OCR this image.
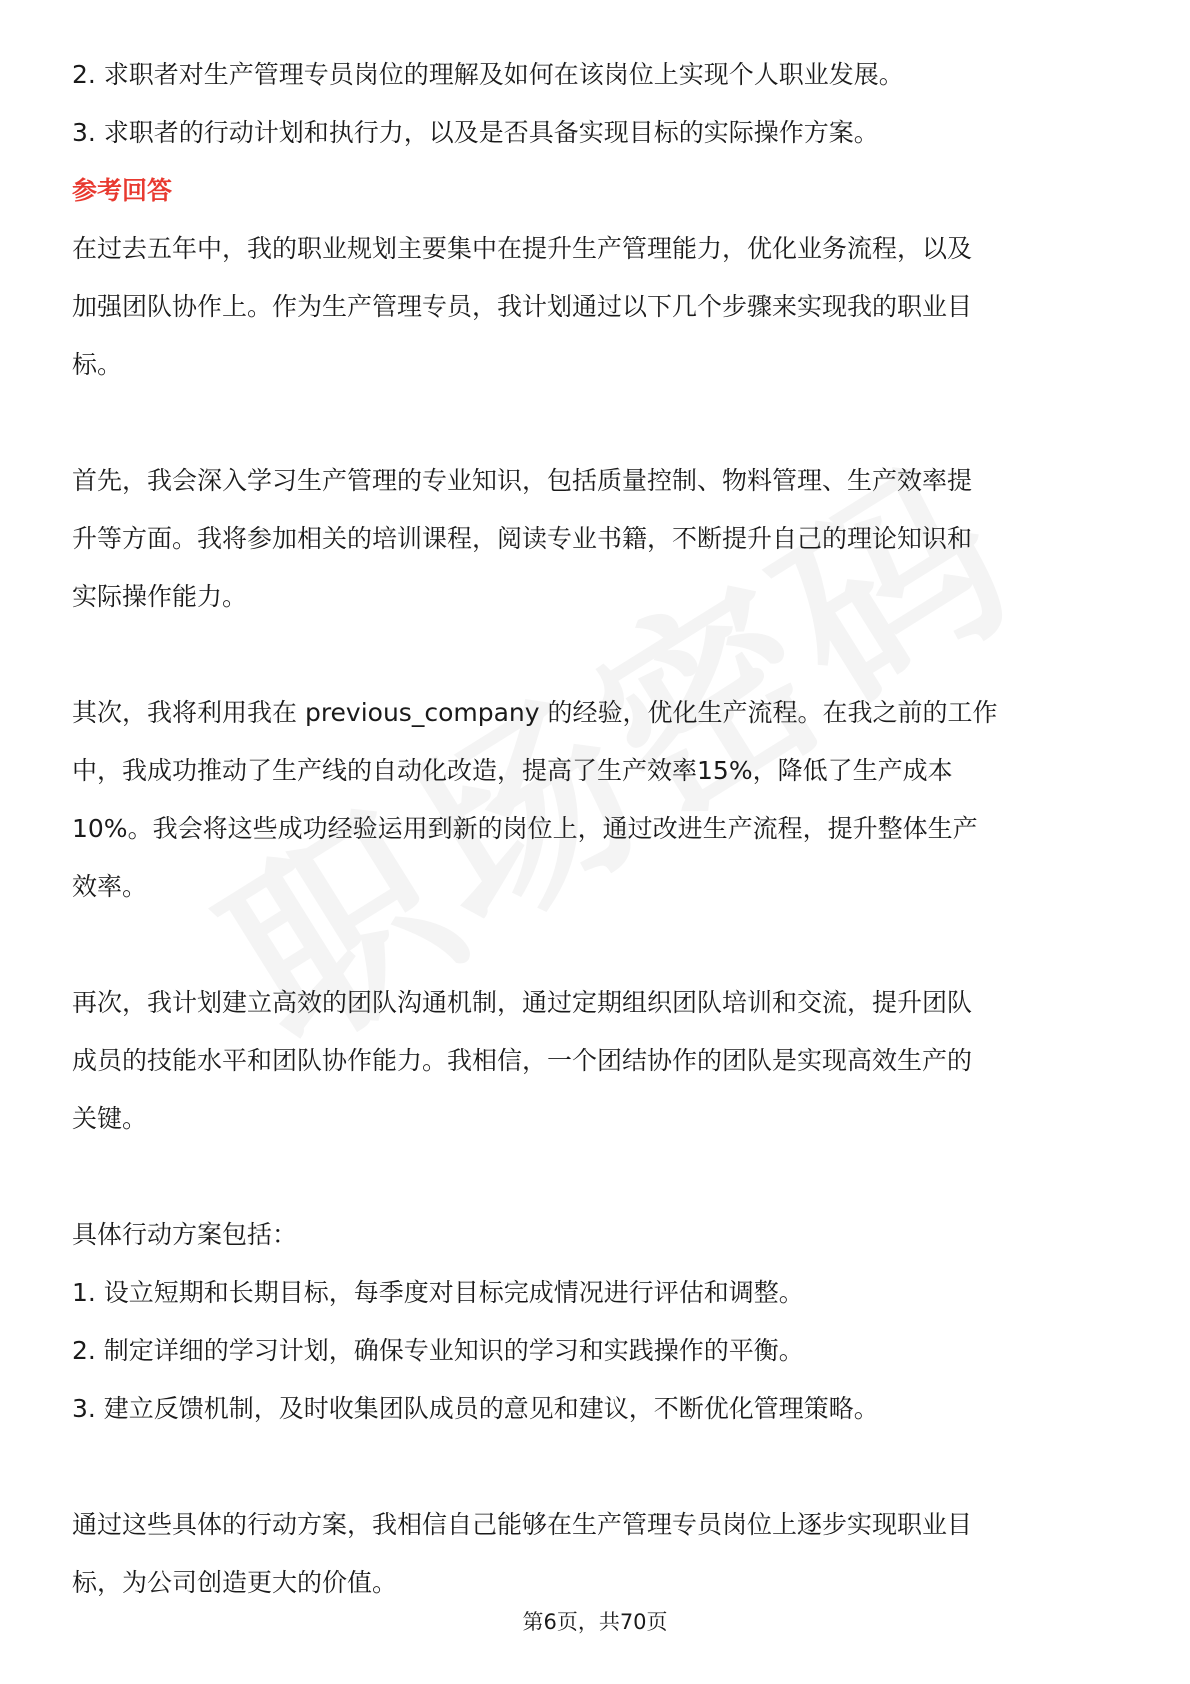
2. 求职者对生产管理专员岗位的理解及如何在该岗位上实现个人职业发展。

3. 求职者的行动计划和执行力，以及是否具备实现目标的实际操作方案。

参考回答

在过去五年中，我的职业规划主要集中在提升生产管理能力，优化业务流程，以及

加强团队协作上。作为生产管理专员，我计划通过以下几个步骤来实现我的职业目

标。

首先，我会深入学习生产管理的专业知识，包括质量控制、物料管理、生产效率提

升等方面。我将参加相关的培训课程，阅读专业书籍，不断提升自己的理论知识和

实际操作能力。

其次，我将利用我在 previous_company 的经验，优化生产流程。在我之前的工作

中，我成功推动了生产线的自动化改造，提高了生产效率15%，降低了生产成本

10%。我会将这些成功经验运用到新的岗位上，通过改进生产流程，提升整体生产

效率。

再次，我计划建立高效的团队沟通机制，通过定期组织团队培训和交流，提升团队

成员的技能水平和团队协作能力。我相信，一个团结协作的团队是实现高效生产的

关键。

具体行动方案包括：

1. 设立短期和长期目标，每季度对目标完成情况进行评估和调整。

2. 制定详细的学习计划，确保专业知识的学习和实践操作的平衡。

3. 建立反馈机制，及时收集团队成员的意见和建议，不断优化管理策略。

通过这些具体的行动方案，我相信自己能够在生产管理专员岗位上逐步实现职业目

标，为公司创造更大的价值。

第6页，共70页
